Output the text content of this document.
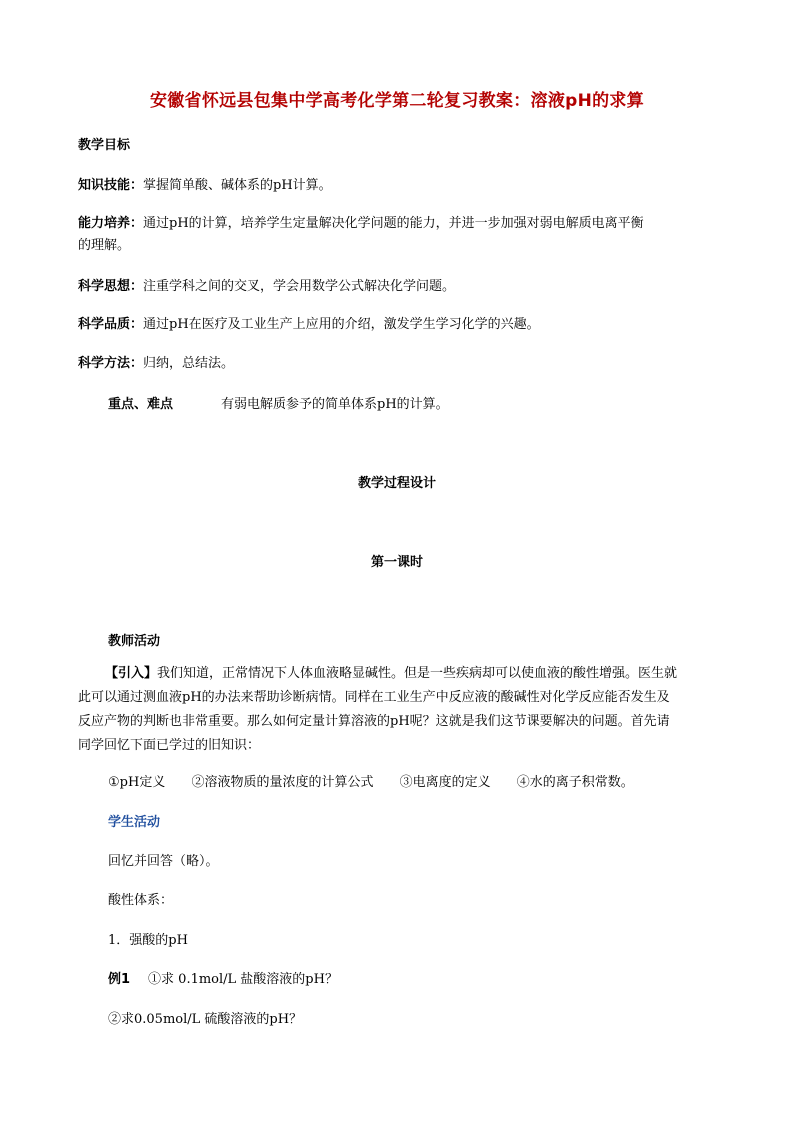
安徽省怀远县包集中学高考化学第二轮复习教案：溶液pH的求算
教学目标
知识技能：掌握简单酸、碱体系的pH计算。
能力培养：通过pH的计算，培养学生定量解决化学问题的能力，并进一步加强对弱电解质电离平衡
的理解。
科学思想：注重学科之间的交叉，学会用数学公式解决化学问题。
科学品质：通过pH在医疗及工业生产上应用的介绍，激发学生学习化学的兴趣。
科学方法：归纳，总结法。
重点、难点	有弱电解质参予的简单体系pH的计算。
教学过程设计
第一课时
教师活动
【引入】我们知道，正常情况下人体血液略显碱性。但是一些疾病却可以使血液的酸性增强。医生就
此可以通过测血液pH的办法来帮助诊断病情。同样在工业生产中反应液的酸碱性对化学反应能否发生及
反应产物的判断也非常重要。那么如何定量计算溶液的pH呢？这就是我们这节课要解决的问题。首先请
同学回忆下面已学过的旧知识：
①pH定义 ②溶液物质的量浓度的计算公式 ③电离度的定义 ④水的离子积常数。
学生活动
回忆并回答（略）。
酸性体系：
1．强酸的pH
例1 ①求 0.1mol/L 盐酸溶液的pH？
②求0.05mol/L 硫酸溶液的pH？
